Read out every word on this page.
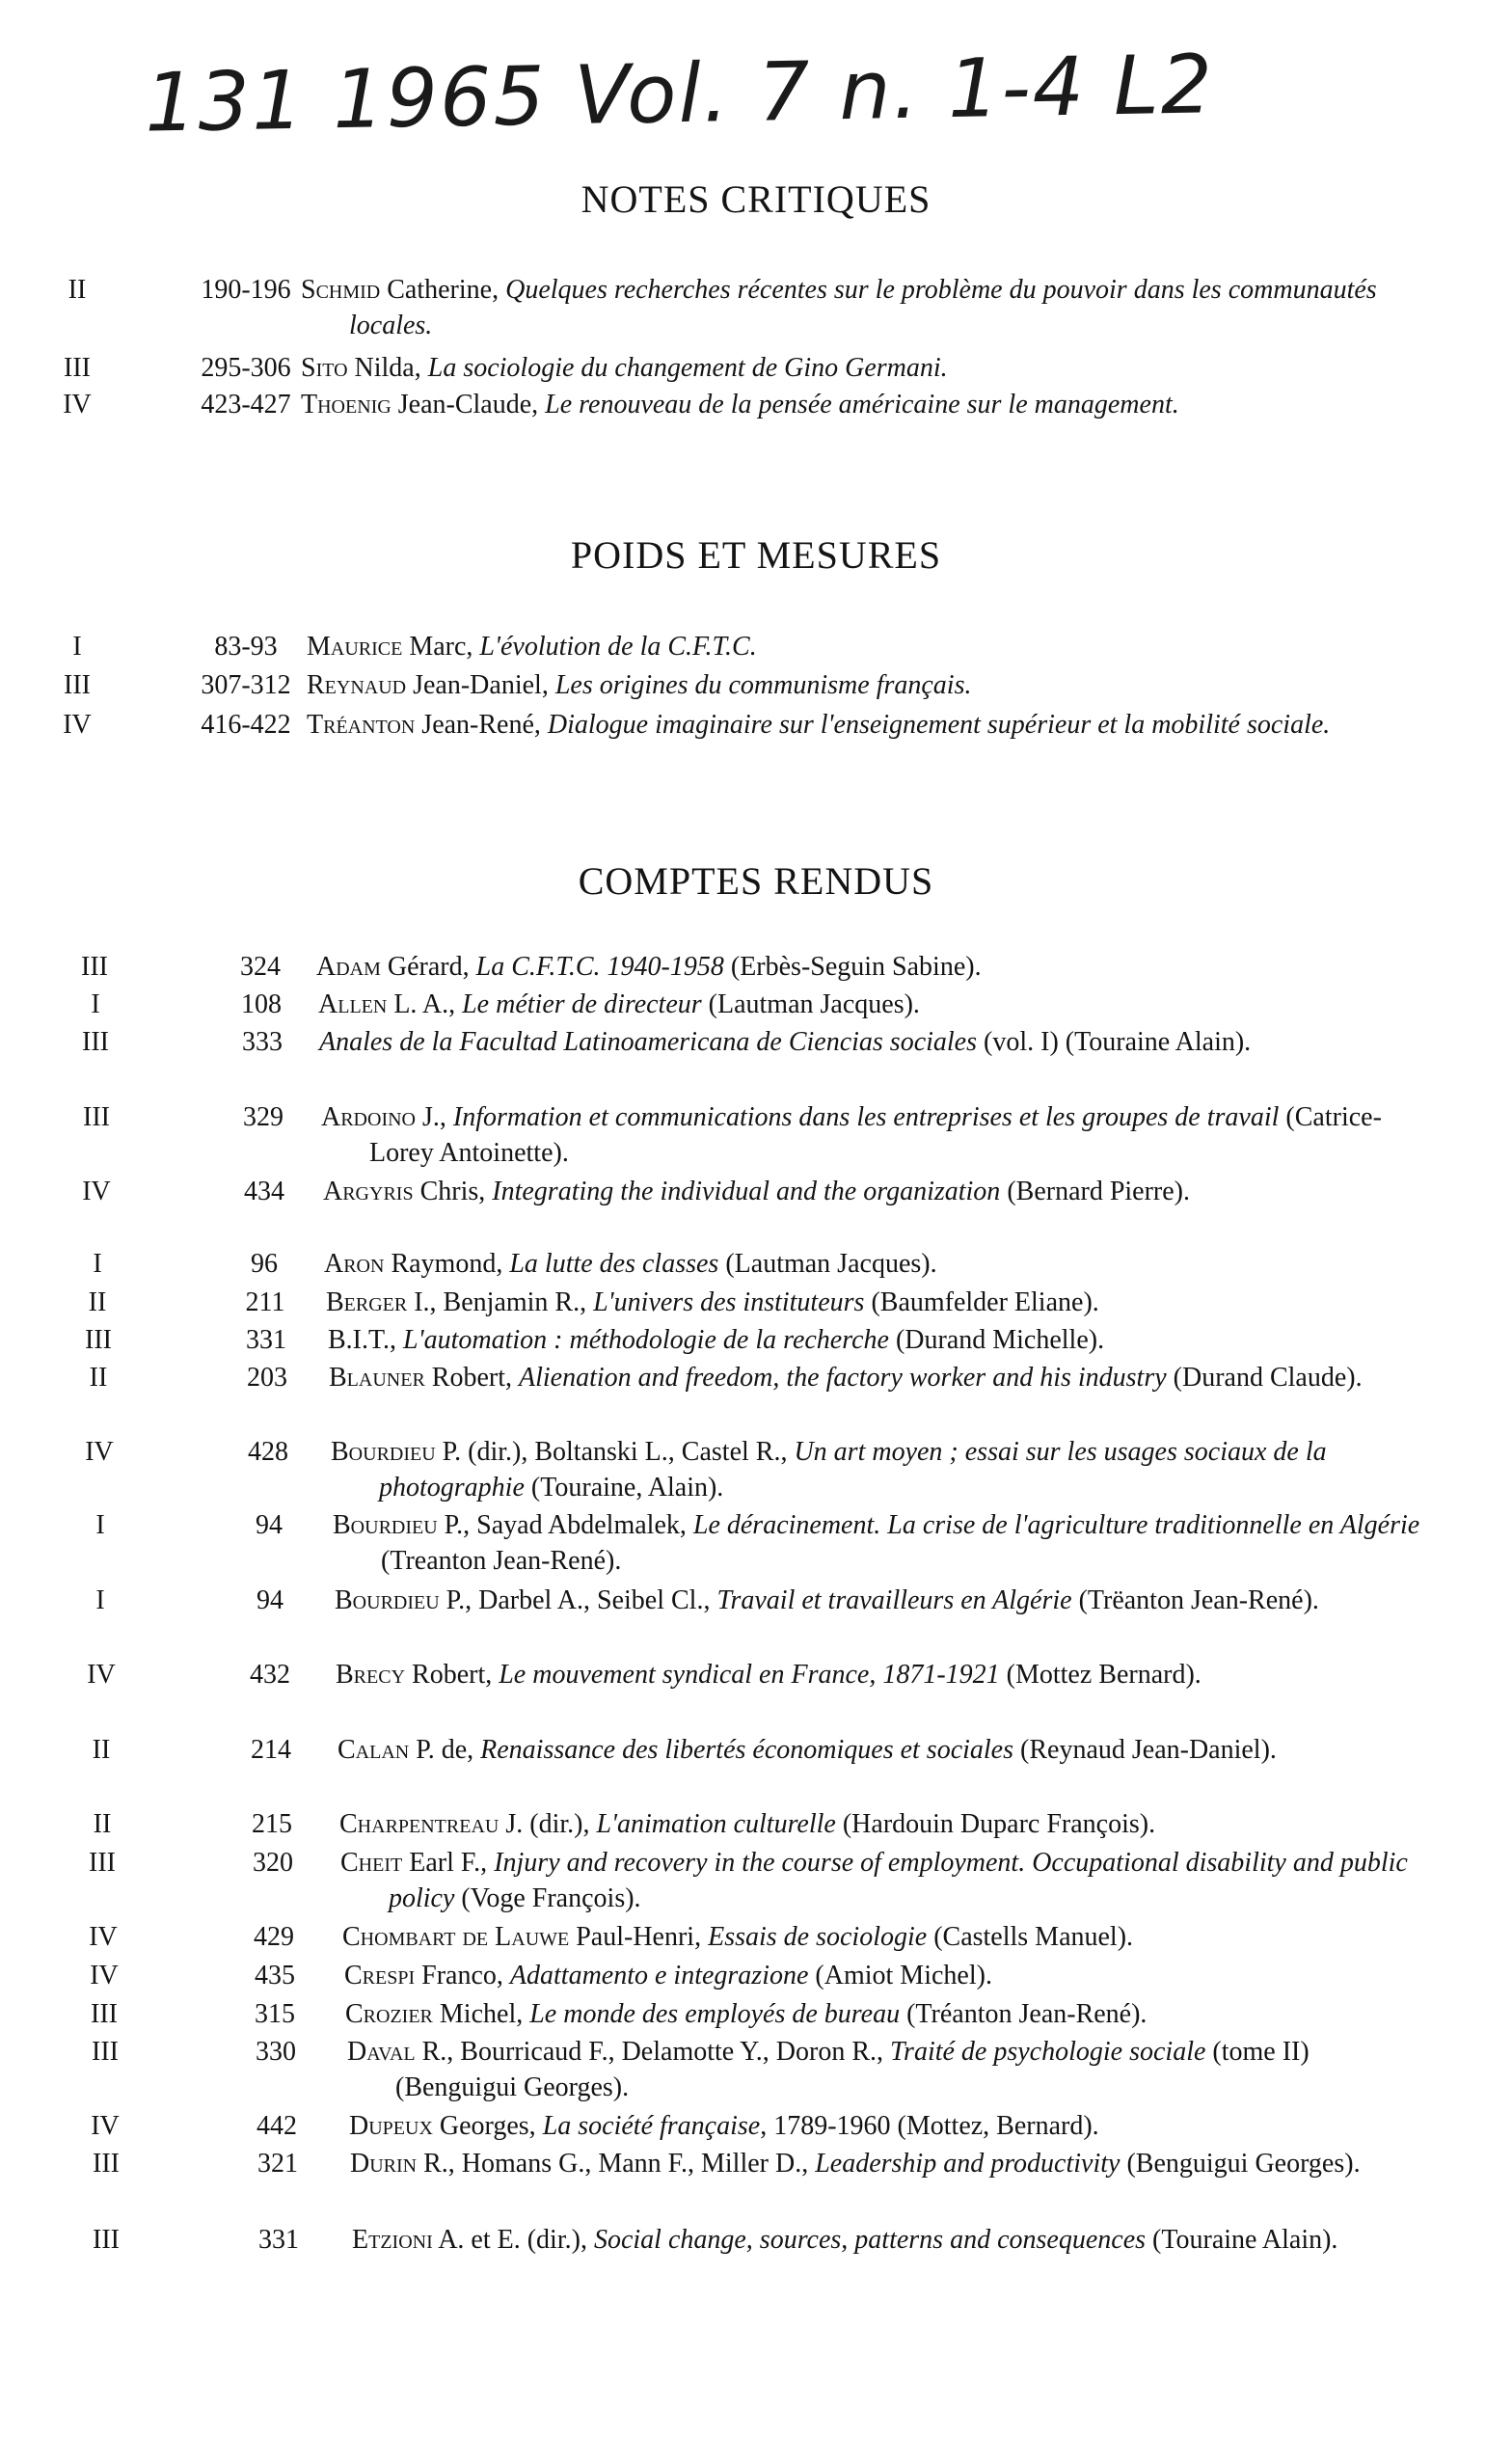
131 1965 Vol. 7 n. 1-4 L2
NOTES CRITIQUES
II	190-196 Schmid Catherine, Quelques recherches récentes sur le problème du pouvoir dans les communautés locales.
III	295-306 Sito Nilda, La sociologie du changement de Gino Germani.
IV	423-427 Thoenig Jean-Claude, Le renouveau de la pensée américaine sur le management.
POIDS ET MESURES
I	83-93	Maurice Marc, L'évolution de la C.F.T.C.
III	307-312 Reynaud Jean-Daniel, Les origines du communisme français.
IV	416-422 Tréanton Jean-René, Dialogue imaginaire sur l'enseignement supérieur et la mobilité sociale.
COMPTES RENDUS
III	324	Adam Gérard, La C.F.T.C. 1940-1958 (Erbès-Seguin Sabine).
I	108	Allen L. A., Le métier de directeur (Lautman Jacques).
III	333	Anales de la Facultad Latinoamericana de Ciencias sociales (vol. I) (Touraine Alain).
III	329	Ardoino J., Information et communications dans les entreprises et les groupes de travail (Catrice-Lorey Antoinette).
IV	434	Argyris Chris, Integrating the individual and the organization (Bernard Pierre).
I	96	Aron Raymond, La lutte des classes (Lautman Jacques).
II	211	Berger I., Benjamin R., L'univers des instituteurs (Baumfelder Eliane).
III	331	B.I.T., L'automation : méthodologie de la recherche (Durand Michelle).
II	203	Blauner Robert, Alienation and freedom, the factory worker and his industry (Durand Claude).
IV	428	Bourdieu P. (dir.), Boltanski L., Castel R., Un art moyen ; essai sur les usages sociaux de la photographie (Touraine, Alain).
I	94	Bourdieu P., Sayad Abdelmalek, Le déracinement. La crise de l'agriculture traditionnelle en Algérie (Treanton Jean-René).
I	94	Bourdieu P., Darbel A., Seibel Cl., Travail et travailleurs en Algérie (Trëanton Jean-René).
IV	432	Brecy Robert, Le mouvement syndical en France, 1871-1921 (Mottez Bernard).
II	214	Calan P. de, Renaissance des libertés économiques et sociales (Reynaud Jean-Daniel).
II	215	Charpentreau J. (dir.), L'animation culturelle (Hardouin Duparc François).
III	320	Cheit Earl F., Injury and recovery in the course of employment. Occupational disability and public policy (Voge François).
IV	429	Chombart de Lauwe Paul-Henri, Essais de sociologie (Castells Manuel).
IV	435	Crespi Franco, Adattamento e integrazione (Amiot Michel).
III	315	Crozier Michel, Le monde des employés de bureau (Tréanton Jean-René).
III	330	Daval R., Bourricaud F., Delamotte Y., Doron R., Traité de psychologie sociale (tome II) (Benguigui Georges).
IV	442	Dupeux Georges, La société française, 1789-1960 (Mottez, Bernard).
III	321	Durin R., Homans G., Mann F., Miller D., Leadership and productivity (Benguigui Georges).
III	331	Etzioni A. et E. (dir.), Social change, sources, patterns and consequences (Touraine Alain).
